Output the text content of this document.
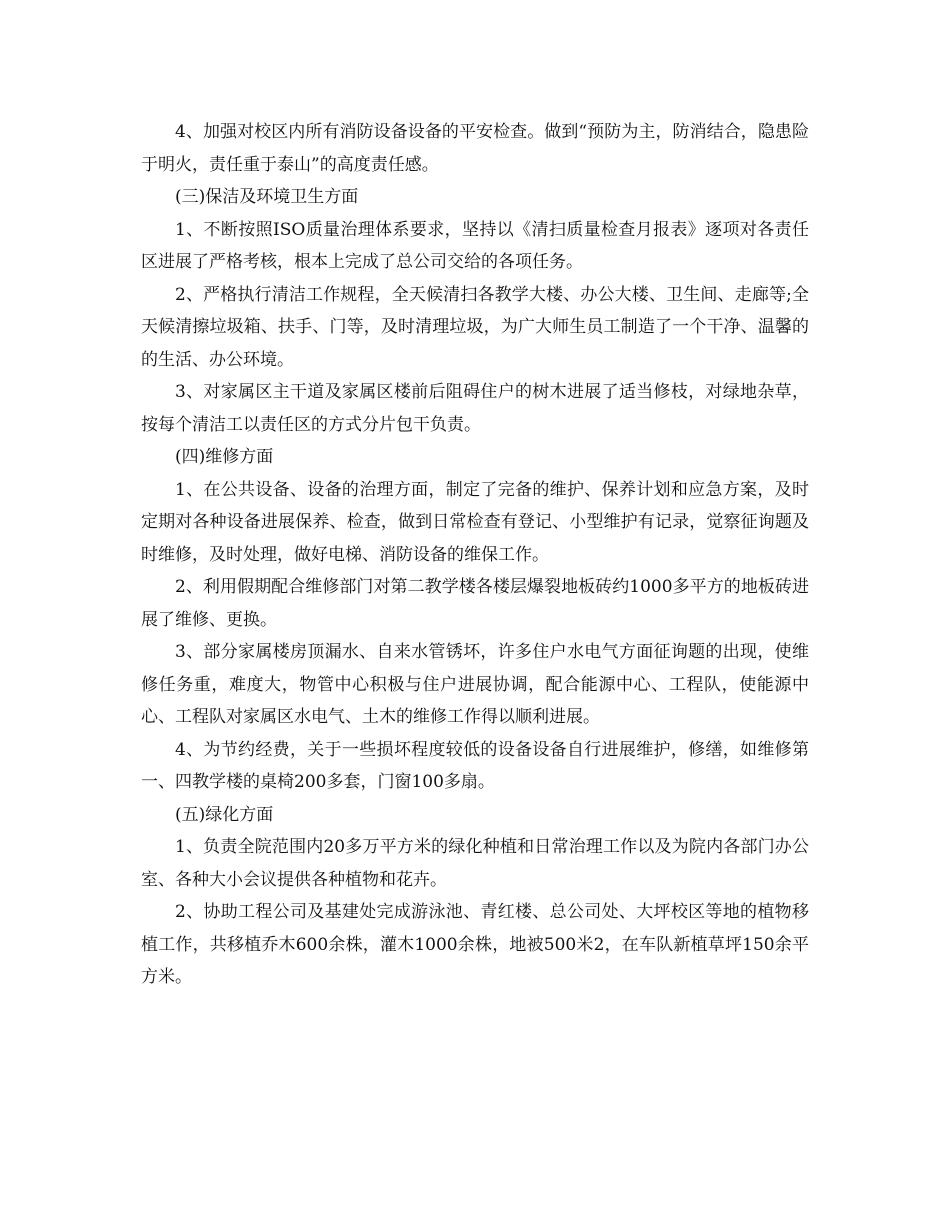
4、加强对校区内所有消防设备设备的平安检查。做到“预防为主，防消结合，隐患险于明火，责任重于泰山”的高度责任感。

(三)保洁及环境卫生方面

1、不断按照ISO质量治理体系要求，坚持以《清扫质量检查月报表》逐项对各责任区进展了严格考核，根本上完成了总公司交给的各项任务。

2、严格执行清洁工作规程，全天候清扫各教学大楼、办公大楼、卫生间、走廊等;全天候清擦垃圾箱、扶手、门等，及时清理垃圾，为广大师生员工制造了一个干净、温馨的的生活、办公环境。

3、对家属区主干道及家属区楼前后阻碍住户的树木进展了适当修枝，对绿地杂草，按每个清洁工以责任区的方式分片包干负责。

(四)维修方面

1、在公共设备、设备的治理方面，制定了完备的维护、保养计划和应急方案，及时定期对各种设备进展保养、检查，做到日常检查有登记、小型维护有记录，觉察征询题及时维修，及时处理，做好电梯、消防设备的维保工作。

2、利用假期配合维修部门对第二教学楼各楼层爆裂地板砖约1000多平方的地板砖进展了维修、更换。

3、部分家属楼房顶漏水、自来水管锈坏，许多住户水电气方面征询题的出现，使维修任务重，难度大，物管中心积极与住户进展协调，配合能源中心、工程队，使能源中心、工程队对家属区水电气、土木的维修工作得以顺利进展。

4、为节约经费，关于一些损坏程度较低的设备设备自行进展维护，修缮，如维修第一、四教学楼的桌椅200多套，门窗100多扇。

(五)绿化方面

1、负责全院范围内20多万平方米的绿化种植和日常治理工作以及为院内各部门办公室、各种大小会议提供各种植物和花卉。

2、协助工程公司及基建处完成游泳池、青红楼、总公司处、大坪校区等地的植物移植工作，共移植乔木600余株，灌木1000余株，地被500米2，在车队新植草坪150余平方米。
